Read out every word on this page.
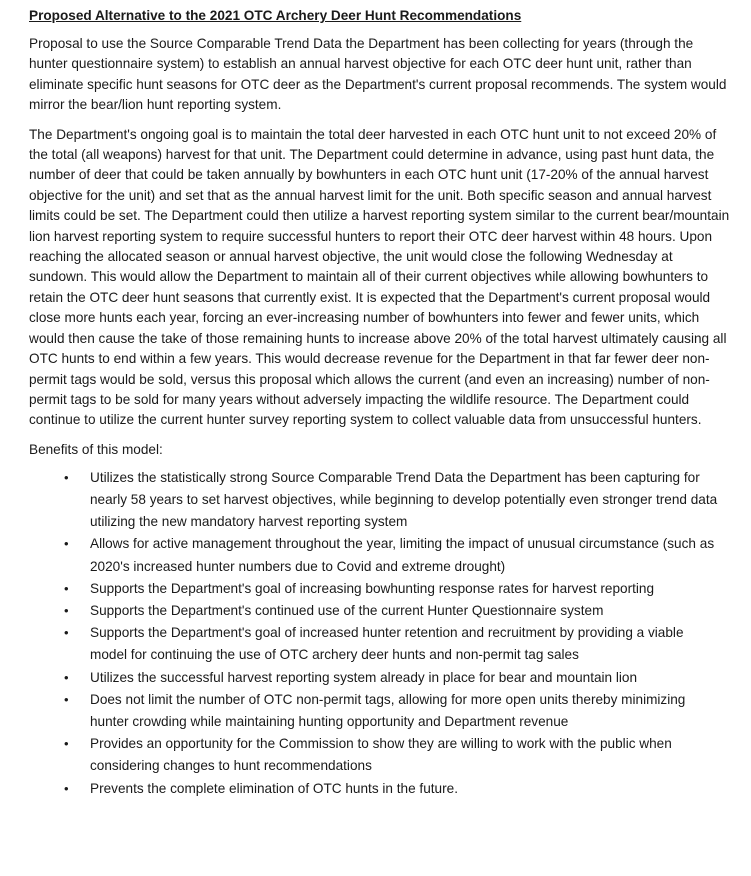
Proposed Alternative to the 2021 OTC Archery Deer Hunt Recommendations

Proposal to use the Source Comparable Trend Data the Department has been collecting for years (through the hunter questionnaire system) to establish an annual harvest objective for each OTC deer hunt unit, rather than eliminate specific hunt seasons for OTC deer as the Department's current proposal recommends. The system would mirror the bear/lion hunt reporting system.

The Department's ongoing goal is to maintain the total deer harvested in each OTC hunt unit to not exceed 20% of the total (all weapons) harvest for that unit. The Department could determine in advance, using past hunt data, the number of deer that could be taken annually by bowhunters in each OTC hunt unit (17-20% of the annual harvest objective for the unit) and set that as the annual harvest limit for the unit. Both specific season and annual harvest limits could be set. The Department could then utilize a harvest reporting system similar to the current bear/mountain lion harvest reporting system to require successful hunters to report their OTC deer harvest within 48 hours. Upon reaching the allocated season or annual harvest objective, the unit would close the following Wednesday at sundown. This would allow the Department to maintain all of their current objectives while allowing bowhunters to retain the OTC deer hunt seasons that currently exist. It is expected that the Department's current proposal would close more hunts each year, forcing an ever-increasing number of bowhunters into fewer and fewer units, which would then cause the take of those remaining hunts to increase above 20% of the total harvest ultimately causing all OTC hunts to end within a few years. This would decrease revenue for the Department in that far fewer deer non-permit tags would be sold, versus this proposal which allows the current (and even an increasing) number of non-permit tags to be sold for many years without adversely impacting the wildlife resource. The Department could continue to utilize the current hunter survey reporting system to collect valuable data from unsuccessful hunters.

Benefits of this model:
• Utilizes the statistically strong Source Comparable Trend Data the Department has been capturing for nearly 58 years to set harvest objectives, while beginning to develop potentially even stronger trend data utilizing the new mandatory harvest reporting system
• Allows for active management throughout the year, limiting the impact of unusual circumstance (such as 2020's increased hunter numbers due to Covid and extreme drought)
• Supports the Department's goal of increasing bowhunting response rates for harvest reporting
• Supports the Department's continued use of the current Hunter Questionnaire system
• Supports the Department's goal of increased hunter retention and recruitment by providing a viable model for continuing the use of OTC archery deer hunts and non-permit tag sales
• Utilizes the successful harvest reporting system already in place for bear and mountain lion
• Does not limit the number of OTC non-permit tags, allowing for more open units thereby minimizing hunter crowding while maintaining hunting opportunity and Department revenue
• Provides an opportunity for the Commission to show they are willing to work with the public when considering changes to hunt recommendations
• Prevents the complete elimination of OTC hunts in the future.
